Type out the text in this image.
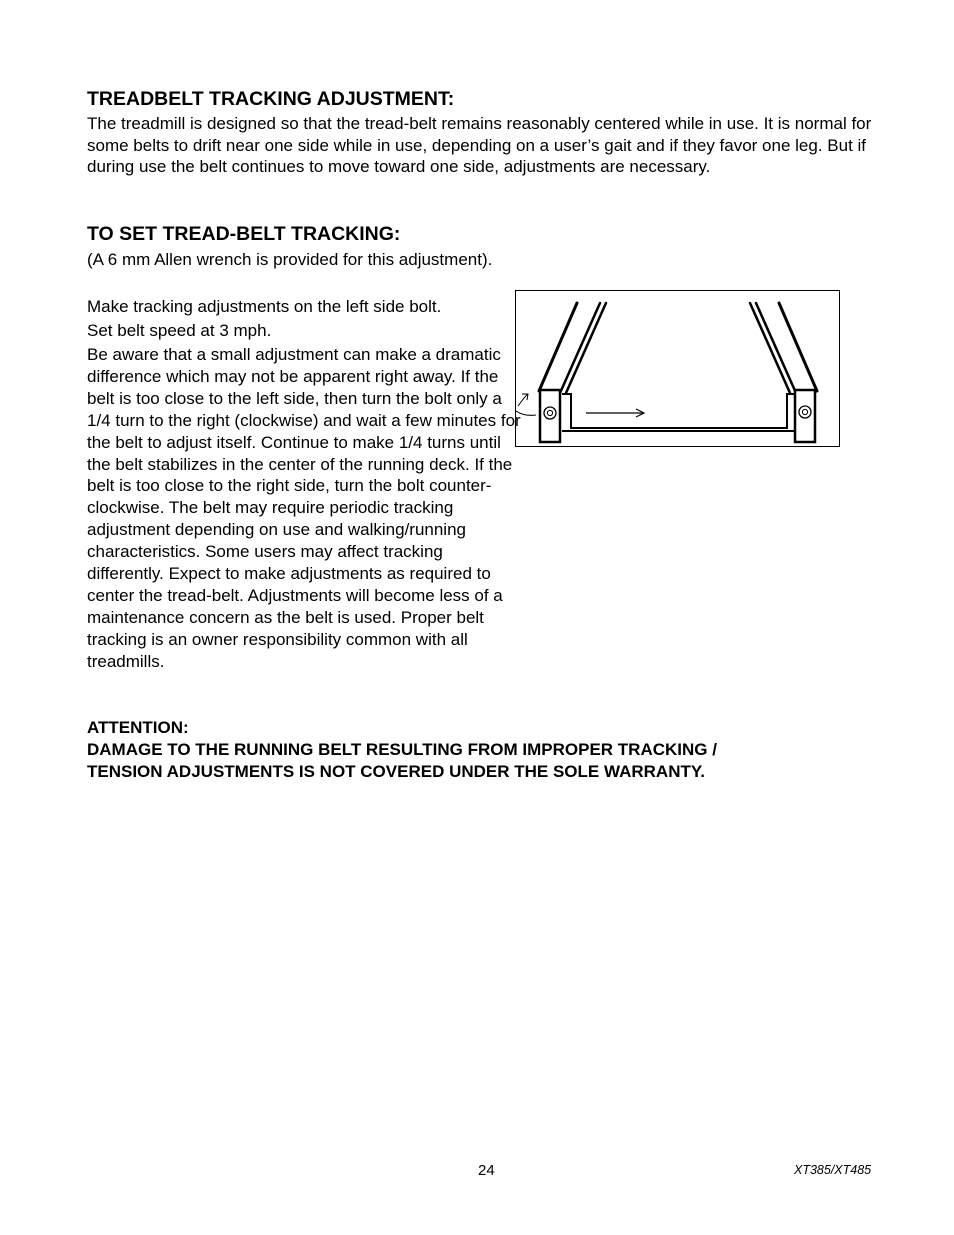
TREADBELT TRACKING ADJUSTMENT:

The treadmill is designed so that the tread-belt remains reasonably centered while in use. It is normal for some belts to drift near one side while in use, depending on a user’s gait and if they favor one leg. But if during use the belt continues to move toward one side, adjustments are necessary.

TO SET TREAD-BELT TRACKING:

(A 6 mm Allen wrench is provided for this adjustment).

Make tracking adjustments on the left side bolt.

Set belt speed at 3 mph.

Be aware that a small adjustment can make a dramatic difference which may not be apparent right away. If the belt is too close to the left side, then turn the bolt only a 1/4 turn to the right (clockwise) and wait a few minutes for the belt to adjust itself. Continue to make 1/4 turns until the belt stabilizes in the center of the running deck. If the belt is too close to the right side, turn the bolt counter-clockwise. The belt may require periodic tracking adjustment depending on use and walking/running characteristics. Some users may affect tracking differently. Expect to make adjustments as required to center the tread-belt. Adjustments will become less of a maintenance concern as the belt is used. Proper belt tracking is an owner responsibility common with all treadmills.

ATTENTION:
DAMAGE TO THE RUNNING BELT RESULTING FROM IMPROPER TRACKING /
TENSION ADJUSTMENTS IS NOT COVERED UNDER THE SOLE WARRANTY.
24	XT385/XT485
